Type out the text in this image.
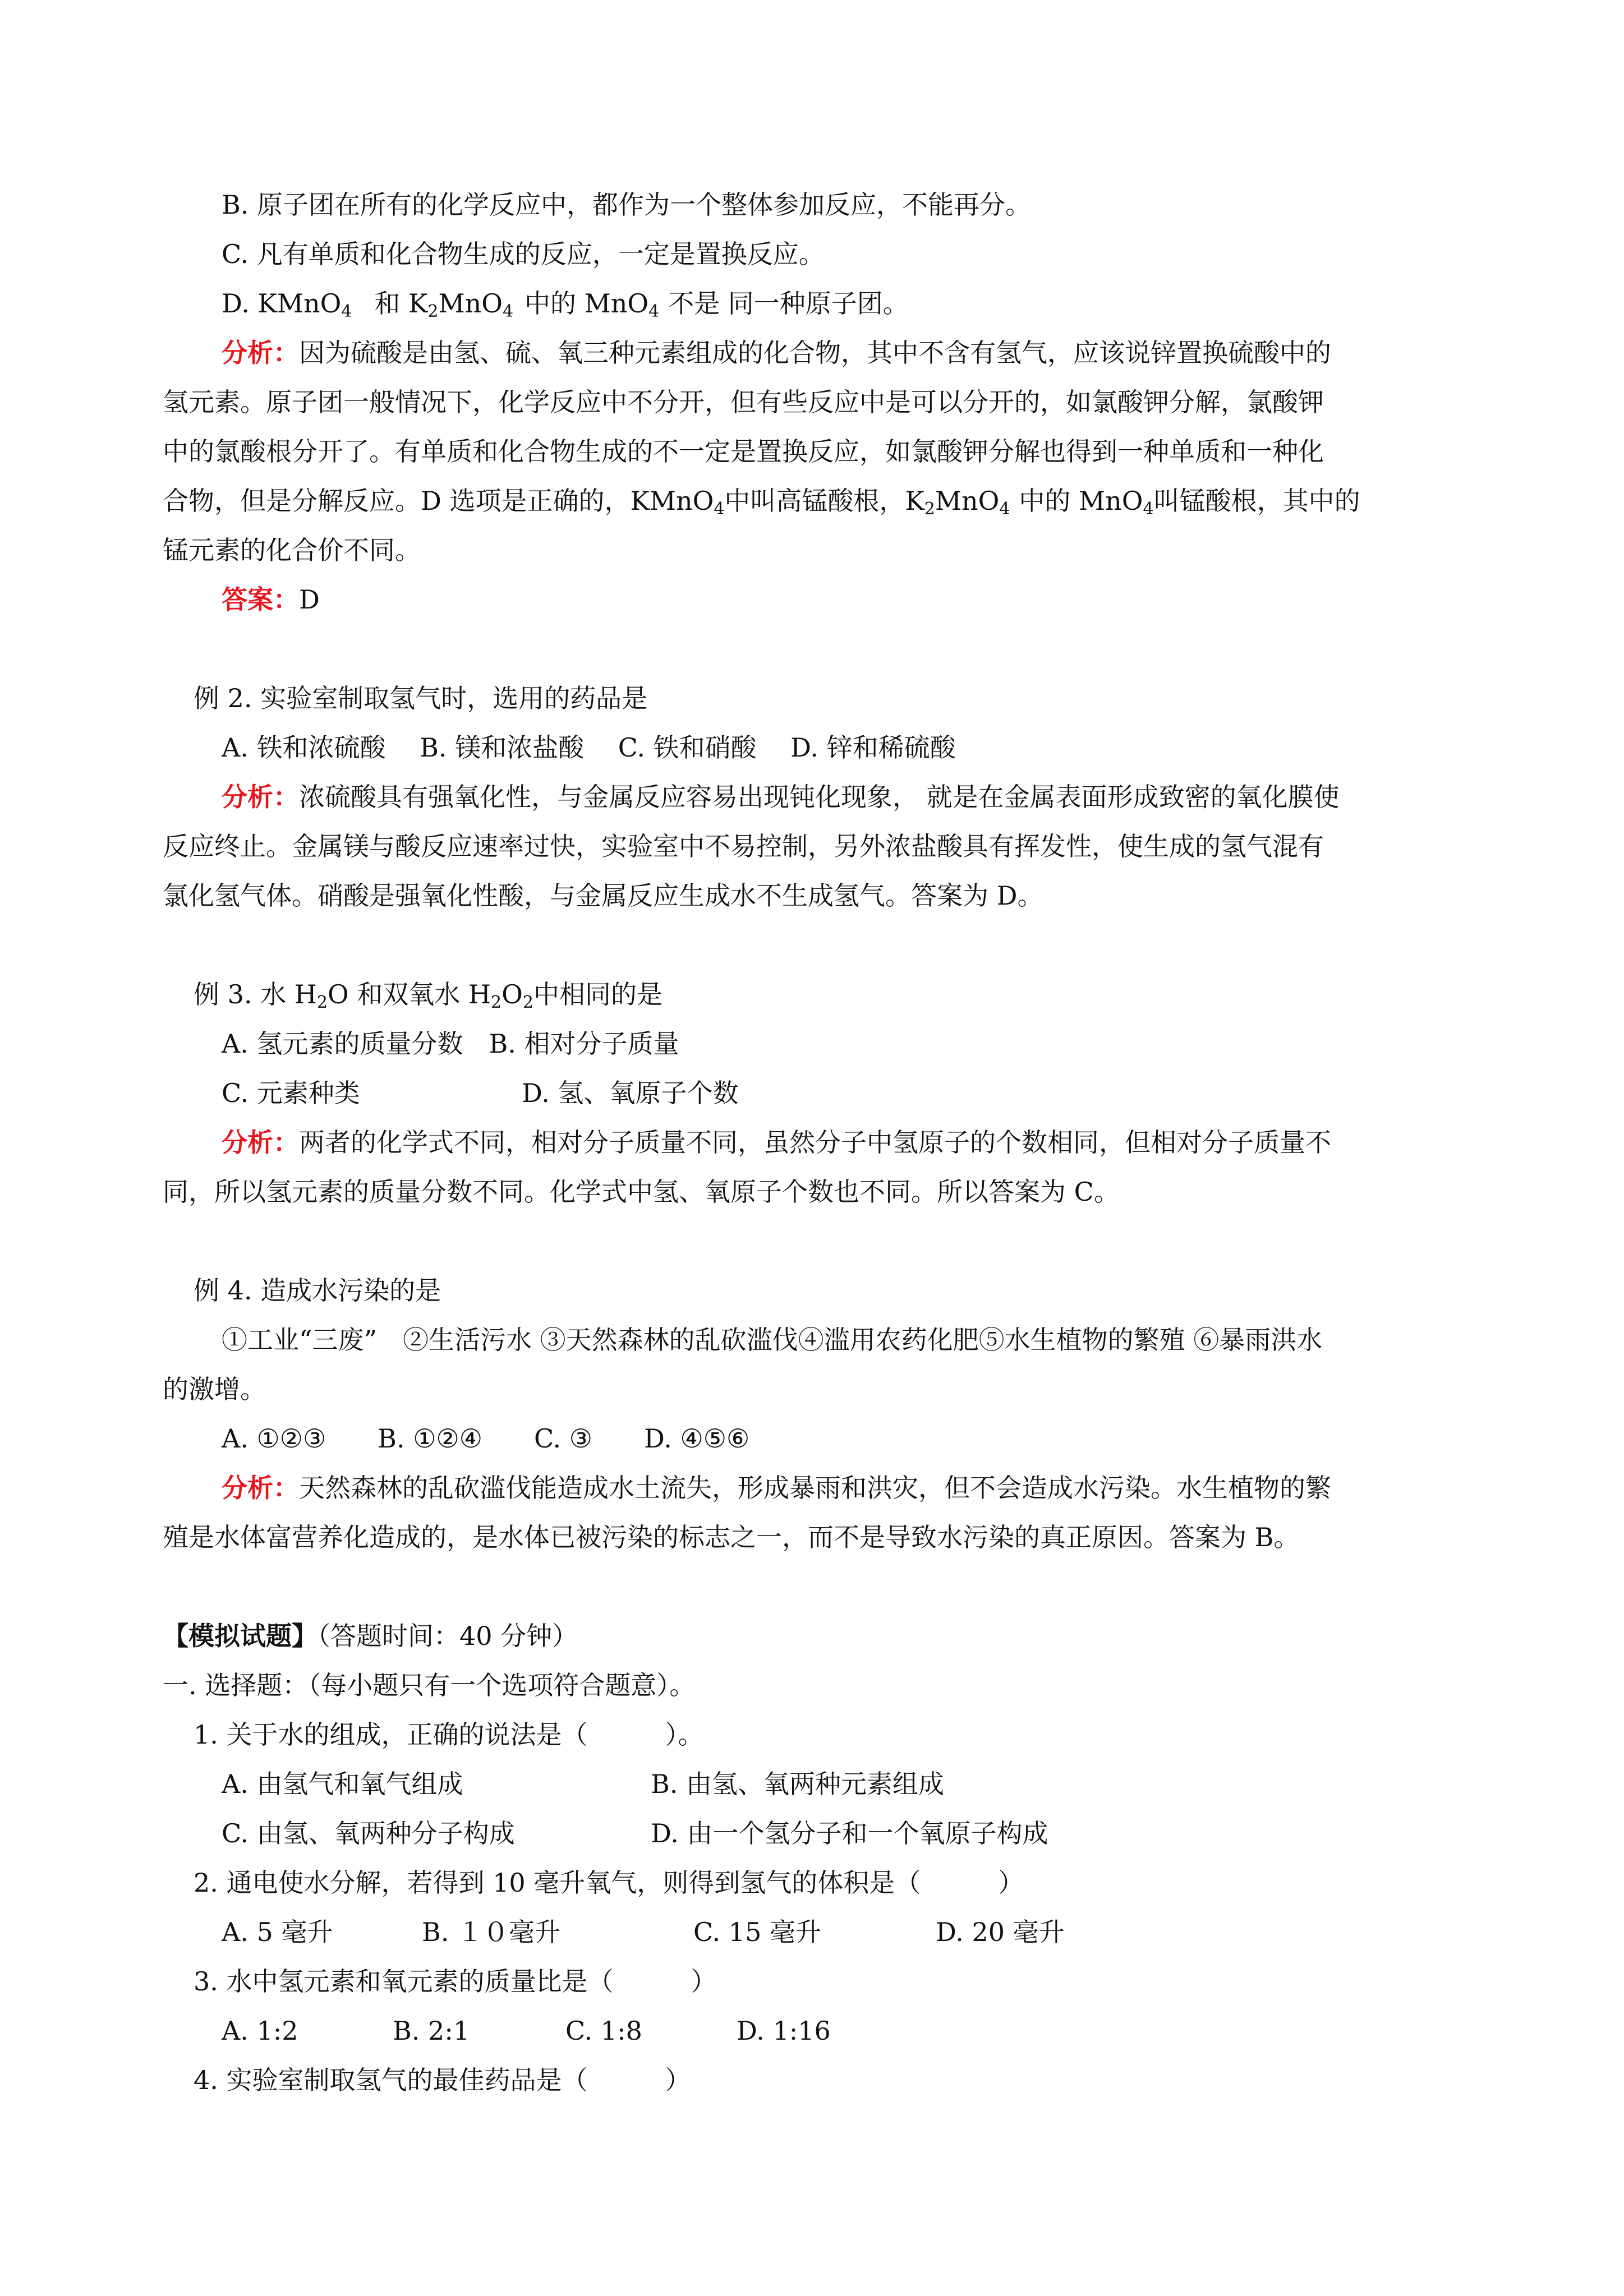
B. 原子团在所有的化学反应中，都作为一个整体参加反应，不能再分。
C. 凡有单质和化合物生成的反应，一定是置换反应。
D. KMnO$_4$ 和 $K_2MnO_4$ 中的 MnO$_4$ 不是 同一种原子团。
分析：因为硫酸是由氢、硫、氧三种元素组成的化合物，其中不含有氢气，应该说锌置换硫酸中的
氢元素。原子团一般情况下，化学反应中不分开，但有些反应中是可以分开的，如氯酸钾分解，氯酸钾
中的氯酸根分开了。有单质和化合物生成的不一定是置换反应，如氯酸钾分解也得到一种单质和一种化
合物，但是分解反应。D 选项是正确的，KMnO$_4$中叫高锰酸根，$K_2MnO_4$ 中的 MnO$_4$叫锰酸根，其中的
锰元素的化合价不同。
答案：D
例 2. 实验室制取氢气时，选用的药品是
A. 铁和浓硫酸　 B. 镁和浓盐酸　 C. 铁和硝酸　 D. 锌和稀硫酸
分析：浓硫酸具有强氧化性，与金属反应容易出现钝化现象， 就是在金属表面形成致密的氧化膜使
反应终止。金属镁与酸反应速率过快，实验室中不易控制，另外浓盐酸具有挥发性，使生成的氢气混有
氯化氢气体。硝酸是强氧化性酸，与金属反应生成水不生成氢气。答案为 D。
例 3. 水 $H_2O$ 和双氧水 $H_2O_2$中相同的是
A. 氢元素的质量分数　B. 相对分子质量
C. 元素种类	D. 氢、氧原子个数
分析：两者的化学式不同，相对分子质量不同，虽然分子中氢原子的个数相同，但相对分子质量不
同，所以氢元素的质量分数不同。化学式中氢、氧原子个数也不同。所以答案为 C。
例 4. 造成水污染的是
①工业“三废”　②生活污水 ③天然森林的乱砍滥伐④滥用农药化肥⑤水生植物的繁殖 ⑥暴雨洪水
的激增。
A. ①②③　　B. ①②④　　C. ③　　D. ④⑤⑥
分析：天然森林的乱砍滥伐能造成水土流失，形成暴雨和洪灾，但不会造成水污染。水生植物的繁
殖是水体富营养化造成的，是水体已被污染的标志之一，而不是导致水污染的真正原因。答案为 B。
【模拟试题】（答题时间：40 分钟）
一. 选择题：（每小题只有一个选项符合题意）。
1. 关于水的组成，正确的说法是（　　　）。
A. 由氢气和氧气组成	B. 由氢、氧两种元素组成
C. 由氢、氧两种分子构成	D. 由一个氢分子和一个氧原子构成
2. 通电使水分解，若得到 10 毫升氧气，则得到氢气的体积是（　　　）
A. 5 毫升	B. １０毫升	C. 15 毫升	D. 20 毫升
3. 水中氢元素和氧元素的质量比是（　　　）
A. 1:2	B. 2:1	C. 1:8	D. 1:16
4. 实验室制取氢气的最佳药品是（　　　）
